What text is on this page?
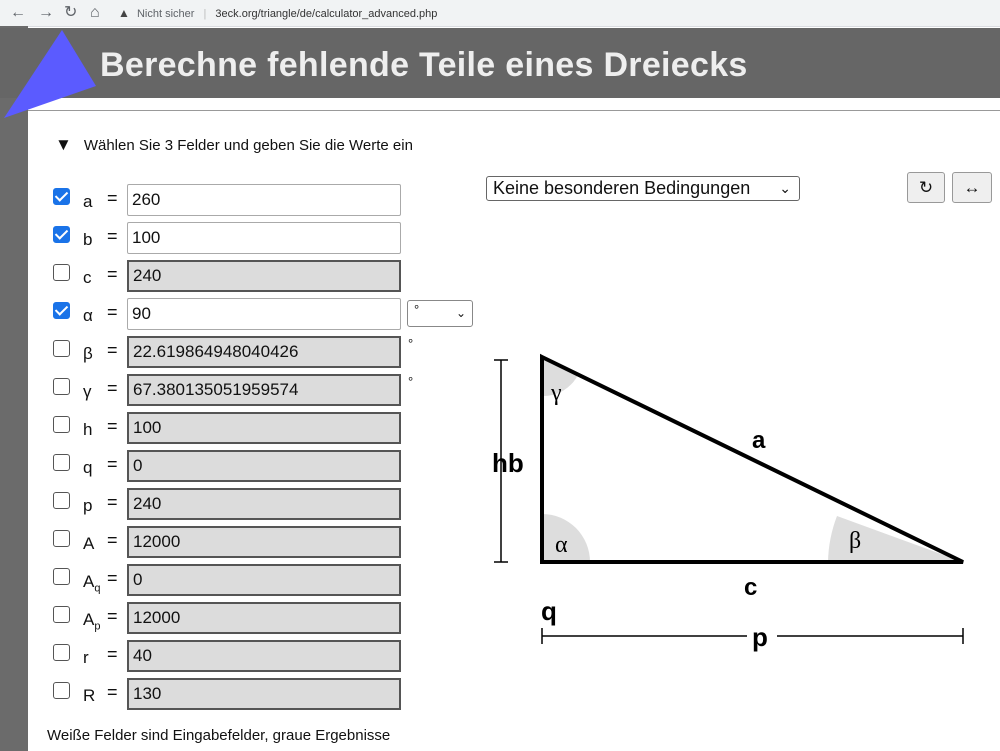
← → ↻ ⌂ ▲ Nicht sicher | 3eck.org/triangle/de/calculator_advanced.php
Berechne fehlende Teile eines Dreiecks
▼ Wählen Sie 3 Felder und geben Sie die Werte ein
a = 260
b = 100
c = 240
α = 90
β = 22.619864948040426	°
γ = 67.380135051959574	°
h = 100
q = 0
p = 240
A = 12000
$A_q$
= 0
$A_p$
= 12000
r = 40
R = 130
°	⌄
Weiße Felder sind Eingabefelder, graue Ergebnisse
Keine besonderen Bedingungen ⌄	↻	↔
γ
α	β
a
c
hb
q
p
